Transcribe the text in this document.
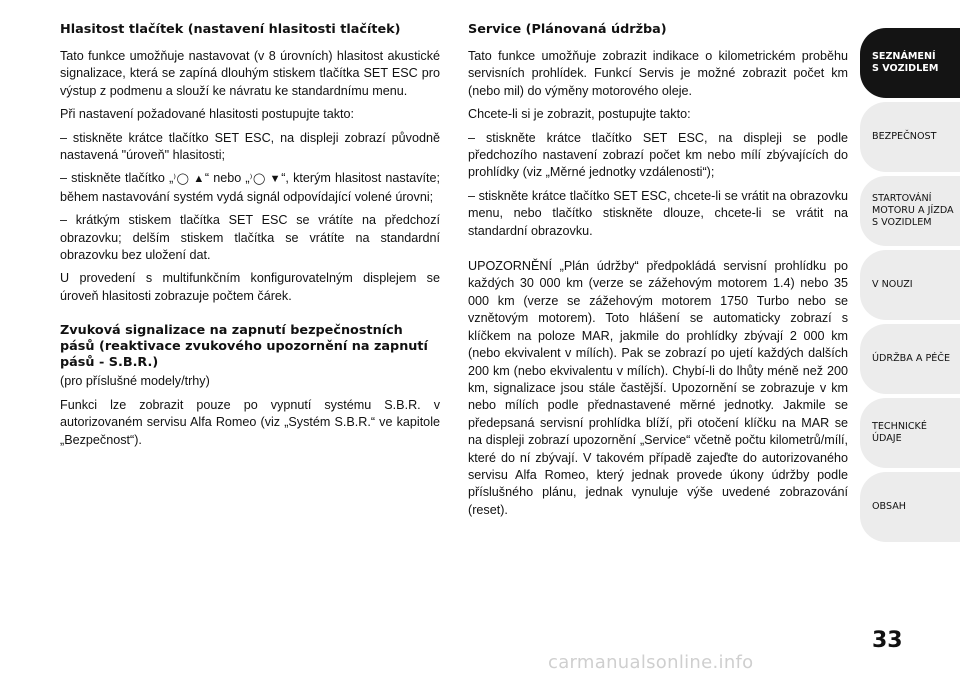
Hlasitost tlačítek (nastavení hlasitosti tlačítek)

Tato funkce umožňuje nastavovat (v 8 úrovních) hlasitost akustické signalizace, která se zapíná dlouhým stiskem tlačítka SET ESC pro výstup z podmenu a slouží ke návratu ke standardnímu menu.

Při nastavení požadované hlasitosti postupujte takto:

– stiskněte krátce tlačítko SET ESC, na displeji zobrazí původně nastavená "úroveň" hlasitosti;

– stiskněte tlačítko „⁾◯ ▲“ nebo „⁾◯ ▼“, kterým hlasitost nastavíte; během nastavování systém vydá signál odpovídající volené úrovni;

– krátkým stiskem tlačítka SET ESC se vrátíte na předchozí obrazovku; delším stiskem tlačítka se vrátíte na standardní obrazovku bez uložení dat.

U provedení s multifunkčním konfigurovatelným displejem se úroveň hlasitosti zobrazuje počtem čárek.

Zvuková signalizace na zapnutí bezpečnostních pásů (reaktivace zvukového upozornění na zapnutí pásů - S.B.R.)

(pro příslušné modely/trhy)

Funkci lze zobrazit pouze po vypnutí systému S.B.R. v autorizovaném servisu Alfa Romeo (viz „Systém S.B.R.“ ve kapitole „Bezpečnost“).

Service (Plánovaná údržba)

Tato funkce umožňuje zobrazit indikace o kilometrickém proběhu servisních prohlídek. Funkcí Servis je možné zobrazit počet km (nebo mil) do výměny motorového oleje.

Chcete-li si je zobrazit, postupujte takto:

– stiskněte krátce tlačítko SET ESC, na displeji se podle předchozího nastavení zobrazí počet km nebo mílí zbývajících do prohlídky (viz „Měrné jednotky vzdálenosti“);

– stiskněte krátce tlačítko SET ESC, chcete-li se vrátit na obrazovku menu, nebo tlačítko stiskněte dlouze, chcete-li se vrátit na standardní obrazovku.

UPOZORNĚNÍ „Plán údržby“ předpokládá servisní prohlídku po každých 30 000 km (verze se zážehovým motorem 1.4) nebo 35 000 km (verze se zážehovým motorem 1750 Turbo nebo se vznětovým motorem). Toto hlášení se automaticky zobrazí s klíčkem na poloze MAR, jakmile do prohlídky zbývají 2 000 km (nebo ekvivalent v mílích). Pak se zobrazí po ujetí každých dalších 200 km (nebo ekvivalentu v mílích). Chybí-li do lhůty méně než 200 km, signalizace jsou stále častější. Upozornění se zobrazuje v km nebo mílích podle přednastavené měrné jednotky. Jakmile se předepsaná servisní prohlídka blíží, při otočení klíčku na MAR se na displeji zobrazí upozornění „Service“ včetně počtu kilometrů/mílí, které do ní zbývají. V takovém případě zajeďte do autorizovaného servisu Alfa Romeo, který jednak provede úkony údržby podle příslušného plánu, jednak vynuluje výše uvedené zobrazování (reset).

SEZNÁMENÍ
S VOZIDLEM
BEZPEČNOST
STARTOVÁNÍ
MOTORU A JÍZDA
S VOZIDLEM
V NOUZI
ÚDRŽBA A PÉČE
TECHNICKÉ
ÚDAJE
OBSAH
33
carmanualsonline.info
